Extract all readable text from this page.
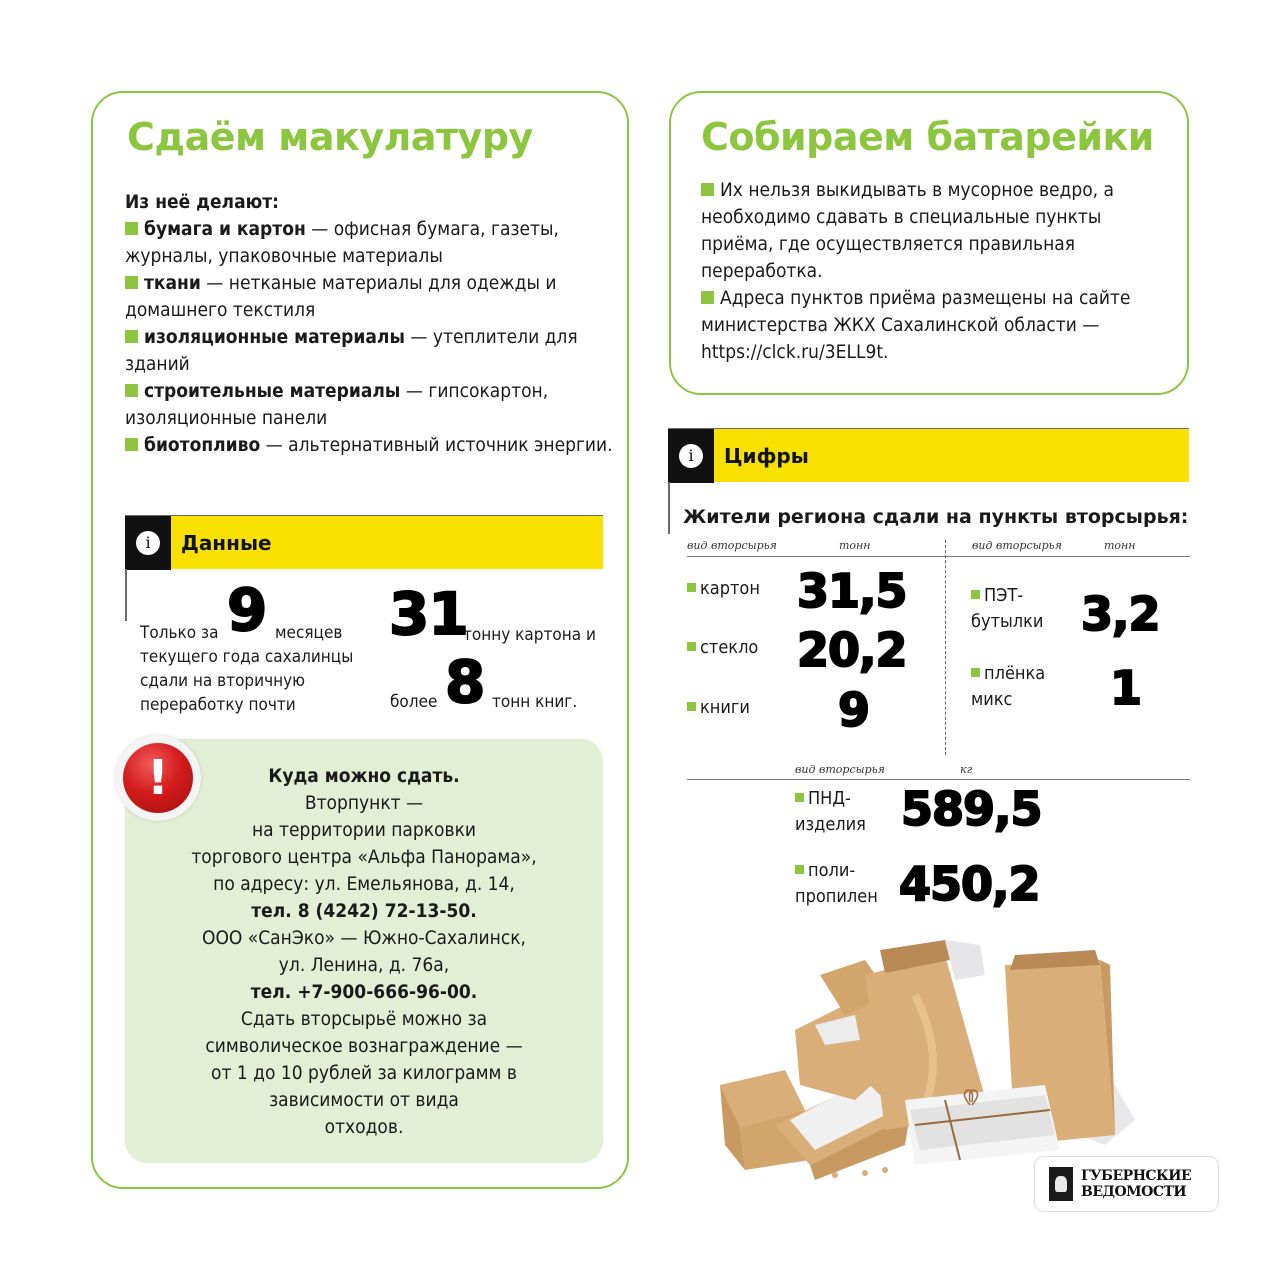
Сдаём макулатуру
Из неё делают:
бумага и картон — офисная бумага, газеты, журналы, упаковочные материалы
ткани — нетканые материалы для одежды и домашнего текстиля
изоляционные материалы — утеплители для зданий
строительные материалы — гипсокартон, изоляционные панели
биотопливо — альтернативный источник энергии.
i	Данные
Только за 9 месяцев
текущего года сахалинцы
сдали на вторичную
переработку почти
31
тонну картона и
более 8 тонн книг.
!	Куда можно сдать.
Вторпункт —
на территории парковки
торгового центра «Альфа Панорама»,
по адресу: ул. Емельянова, д. 14,
тел. 8 (4242) 72-13-50.
ООО «СанЭко» — Южно-Сахалинск,
ул. Ленина, д. 76а,
тел. +7-900-666-96-00.
Сдать вторсырьё можно за
символическое вознаграждение —
от 1 до 10 рублей за килограмм в
зависимости от вида
отходов.
Собираем батарейки
Их нельзя выкидывать в мусорное ведро, а необходимо сдавать в специальные пункты приёма, где осуществляется правильная переработка.
Адреса пунктов приёма размещены на сайте министерства ЖКХ Сахалинской области — https://clck.ru/3ELL9t.
i	Цифры
Жители региона сдали на пункты вторсырья:
вид вторсырья	тонн	вид вторсырья	тонн
картон 31,5
стекло 20,2
книги 9
ПЭТ-
бутылки 3,2
плёнка
микс	1
вид вторсырья	кг
ПНД-
изделия 589,5
поли-
пропилен 450,2
ГУБЕРНСКИЕ
ВЕДОМОСТИ
